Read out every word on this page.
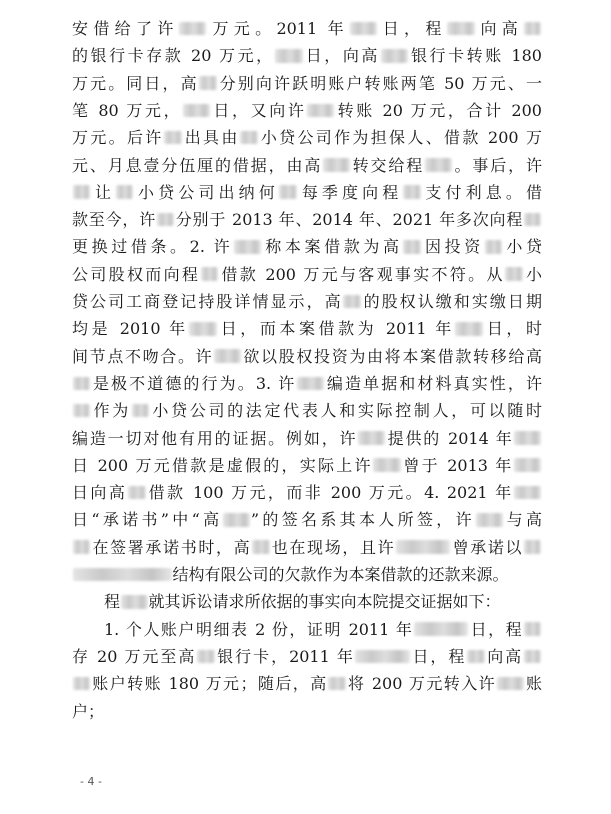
安借给了许 万元。2011 年 日，程 向高
的银行卡存款 20 万元， 日，向高 银行卡转账 180
万元。同日，高 分别向许跃明账户转账两笔 50 万元、一
笔 80 万元， 日，又向许 转账 20 万元，合计 200
万元。后许 出具由 小贷公司作为担保人、借款 200 万
元、月息壹分伍厘的借据，由高 转交给程 。事后，许
让 小贷公司出纳何 每季度向程 支付利息。借
款至今，许 分别于 2013 年、2014 年、2021 年多次向程
更换过借条。2. 许 称本案借款为高 因投资 小贷
公司股权而向程 借款 200 万元与客观事实不符。从 小
贷公司工商登记持股详情显示，高 的股权认缴和实缴日期
均是 2010 年 日，而本案借款为 2011 年 日，时
间节点不吻合。许 欲以股权投资为由将本案借款转移给高
是极不道德的行为。3. 许 编造单据和材料真实性，许
作为 小贷公司的法定代表人和实际控制人，可以随时
编造一切对他有用的证据。例如，许 提供的 2014 年
日 200 万元借款是虚假的，实际上许 曾于 2013 年
日向高 借款 100 万元，而非 200 万元。4. 2021 年
日“承诺书”中“高 ”的签名系其本人所签，许 与高
在签署承诺书时，高 也在现场，且许	曾承诺以
结构有限公司的欠款作为本案借款的还款来源。
程 就其诉讼请求所依据的事实向本院提交证据如下：
1. 个人账户明细表 2 份，证明 2011 年	日，程
存 20 万元至高 银行卡，2011 年	日，程 向高
账户转账 180 万元；随后，高 将 200 万元转入许 账
户；
- 4 -
